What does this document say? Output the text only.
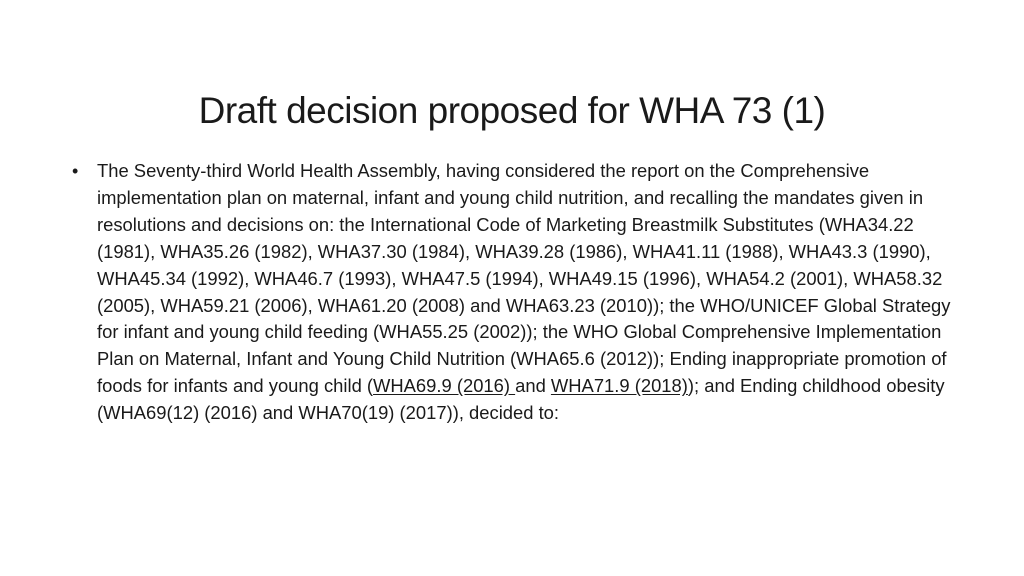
Draft decision proposed for WHA 73 (1)
•	The Seventy-third World Health Assembly, having considered the report on the Comprehensive implementation plan on maternal, infant and young child nutrition, and recalling the mandates given in resolutions and decisions on: the International Code of Marketing Breastmilk Substitutes (WHA34.22 (1981), WHA35.26 (1982), WHA37.30 (1984), WHA39.28 (1986), WHA41.11 (1988), WHA43.3 (1990), WHA45.34 (1992), WHA46.7 (1993), WHA47.5 (1994), WHA49.15 (1996), WHA54.2 (2001), WHA58.32 (2005), WHA59.21 (2006), WHA61.20 (2008) and WHA63.23 (2010)); the WHO/UNICEF Global Strategy for infant and young child feeding (WHA55.25 (2002)); the WHO Global Comprehensive Implementation Plan on Maternal, Infant and Young Child Nutrition (WHA65.6 (2012)); Ending inappropriate promotion of foods for infants and young child (WHA69.9 (2016) and WHA71.9 (2018)); and Ending childhood obesity (WHA69(12) (2016) and WHA70(19) (2017)), decided to:
